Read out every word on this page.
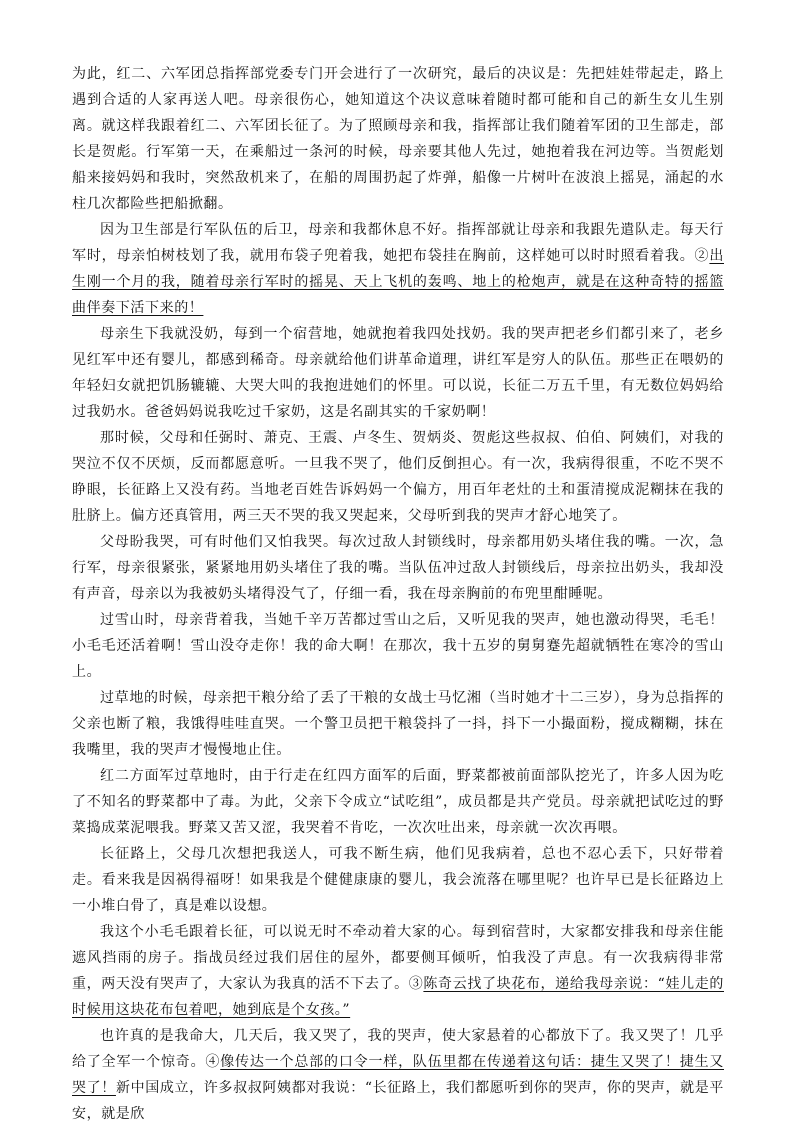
为此，红二、六军团总指挥部党委专门开会进行了一次研究，最后的决议是：先把娃娃带起走，路上遇到合适的人家再送人吧。母亲很伤心，她知道这个决议意味着随时都可能和自己的新生女儿生别离。就这样我跟着红二、六军团长征了。为了照顾母亲和我，指挥部让我们随着军团的卫生部走，部长是贺彪。行军第一天，在乘船过一条河的时候，母亲要其他人先过，她抱着我在河边等。当贺彪划船来接妈妈和我时，突然敌机来了，在船的周围扔起了炸弹，船像一片树叶在波浪上摇晃，涌起的水柱几次都险些把船掀翻。

因为卫生部是行军队伍的后卫，母亲和我都休息不好。指挥部就让母亲和我跟先遣队走。每天行军时，母亲怕树枝划了我，就用布袋子兜着我，她把布袋挂在胸前，这样她可以时时照看着我。②出生刚一个月的我，随着母亲行军时的摇晃、天上飞机的轰鸣、地上的枪炮声，就是在这种奇特的摇篮曲伴奏下活下来的！

母亲生下我就没奶，每到一个宿营地，她就抱着我四处找奶。我的哭声把老乡们都引来了，老乡见红军中还有婴儿，都感到稀奇。母亲就给他们讲革命道理，讲红军是穷人的队伍。那些正在喂奶的年轻妇女就把饥肠辘辘、大哭大叫的我抱进她们的怀里。可以说，长征二万五千里，有无数位妈妈给过我奶水。爸爸妈妈说我吃过千家奶，这是名副其实的千家奶啊！

那时候，父母和任弼时、萧克、王震、卢冬生、贺炳炎、贺彪这些叔叔、伯伯、阿姨们，对我的哭泣不仅不厌烦，反而都愿意听。一旦我不哭了，他们反倒担心。有一次，我病得很重，不吃不哭不睁眼，长征路上又没有药。当地老百姓告诉妈妈一个偏方，用百年老灶的土和蛋清搅成泥糊抹在我的肚脐上。偏方还真管用，两三天不哭的我又哭起来，父母听到我的哭声才舒心地笑了。

父母盼我哭，可有时他们又怕我哭。每次过敌人封锁线时，母亲都用奶头堵住我的嘴。一次，急行军，母亲很紧张，紧紧地用奶头堵住了我的嘴。当队伍冲过敌人封锁线后，母亲拉出奶头，我却没有声音，母亲以为我被奶头堵得没气了，仔细一看，我在母亲胸前的布兜里酣睡呢。

过雪山时，母亲背着我，当她千辛万苦都过雪山之后，又听见我的哭声，她也激动得哭，毛毛！小毛毛还活着啊！雪山没夺走你！我的命大啊！在那次，我十五岁的舅舅蹇先超就牺牲在寒冷的雪山上。

过草地的时候，母亲把干粮分给了丢了干粮的女战士马忆湘（当时她才十二三岁），身为总指挥的父亲也断了粮，我饿得哇哇直哭。一个警卫员把干粮袋抖了一抖，抖下一小撮面粉，搅成糊糊，抹在我嘴里，我的哭声才慢慢地止住。

红二方面军过草地时，由于行走在红四方面军的后面，野菜都被前面部队挖光了，许多人因为吃了不知名的野菜都中了毒。为此，父亲下令成立“试吃组”，成员都是共产党员。母亲就把试吃过的野菜捣成菜泥喂我。野菜又苦又涩，我哭着不肯吃，一次次吐出来，母亲就一次次再喂。

长征路上，父母几次想把我送人，可我不断生病，他们见我病着，总也不忍心丢下，只好带着走。看来我是因祸得福呀！如果我是个健健康康的婴儿，我会流落在哪里呢？也许早已是长征路边上一小堆白骨了，真是难以设想。

我这个小毛毛跟着长征，可以说无时不牵动着大家的心。每到宿营时，大家都安排我和母亲住能遮风挡雨的房子。指战员经过我们居住的屋外，都要侧耳倾听，怕我没了声息。有一次我病得非常重，两天没有哭声了，大家认为我真的活不下去了。③陈奇云找了块花布，递给我母亲说：“娃儿走的时候用这块花布包着吧，她到底是个女孩。”

也许真的是我命大，几天后，我又哭了，我的哭声，使大家悬着的心都放下了。我又哭了！几乎给了全军一个惊奇。④像传达一个总部的口令一样，队伍里都在传递着这句话：捷生又哭了！捷生又哭了！新中国成立，许多叔叔阿姨都对我说：“长征路上，我们都愿听到你的哭声，你的哭声，就是平安，就是欣
